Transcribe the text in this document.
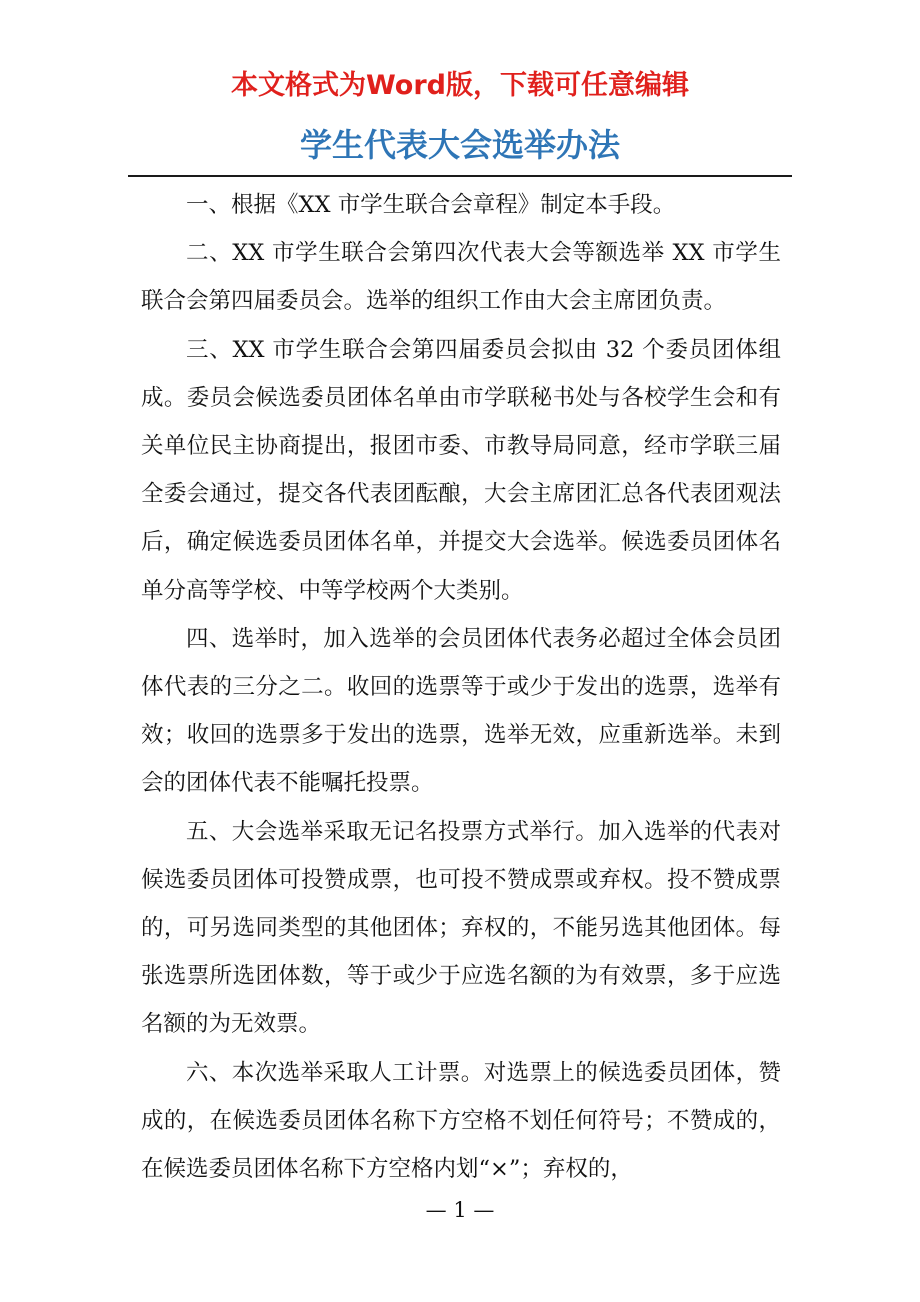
本文格式为Word版，下载可任意编辑
学生代表大会选举办法

一、根据《XX 市学生联合会章程》制定本手段。

二、XX 市学生联合会第四次代表大会等额选举 XX 市学生联合会第四届委员会。选举的组织工作由大会主席团负责。

三、XX 市学生联合会第四届委员会拟由 32 个委员团体组成。委员会候选委员团体名单由市学联秘书处与各校学生会和有关单位民主协商提出，报团市委、市教导局同意，经市学联三届全委会通过，提交各代表团酝酿，大会主席团汇总各代表团观法后，确定候选委员团体名单，并提交大会选举。候选委员团体名单分高等学校、中等学校两个大类别。

四、选举时，加入选举的会员团体代表务必超过全体会员团体代表的三分之二。收回的选票等于或少于发出的选票，选举有效；收回的选票多于发出的选票，选举无效，应重新选举。未到会的团体代表不能嘱托投票。

五、大会选举采取无记名投票方式举行。加入选举的代表对候选委员团体可投赞成票，也可投不赞成票或弃权。投不赞成票的，可另选同类型的其他团体；弃权的，不能另选其他团体。每张选票所选团体数，等于或少于应选名额的为有效票，多于应选名额的为无效票。

六、本次选举采取人工计票。对选票上的候选委员团体，赞成的，在候选委员团体名称下方空格不划任何符号；不赞成的，在候选委员团体名称下方空格内划“×”；弃权的，

— 1 —
